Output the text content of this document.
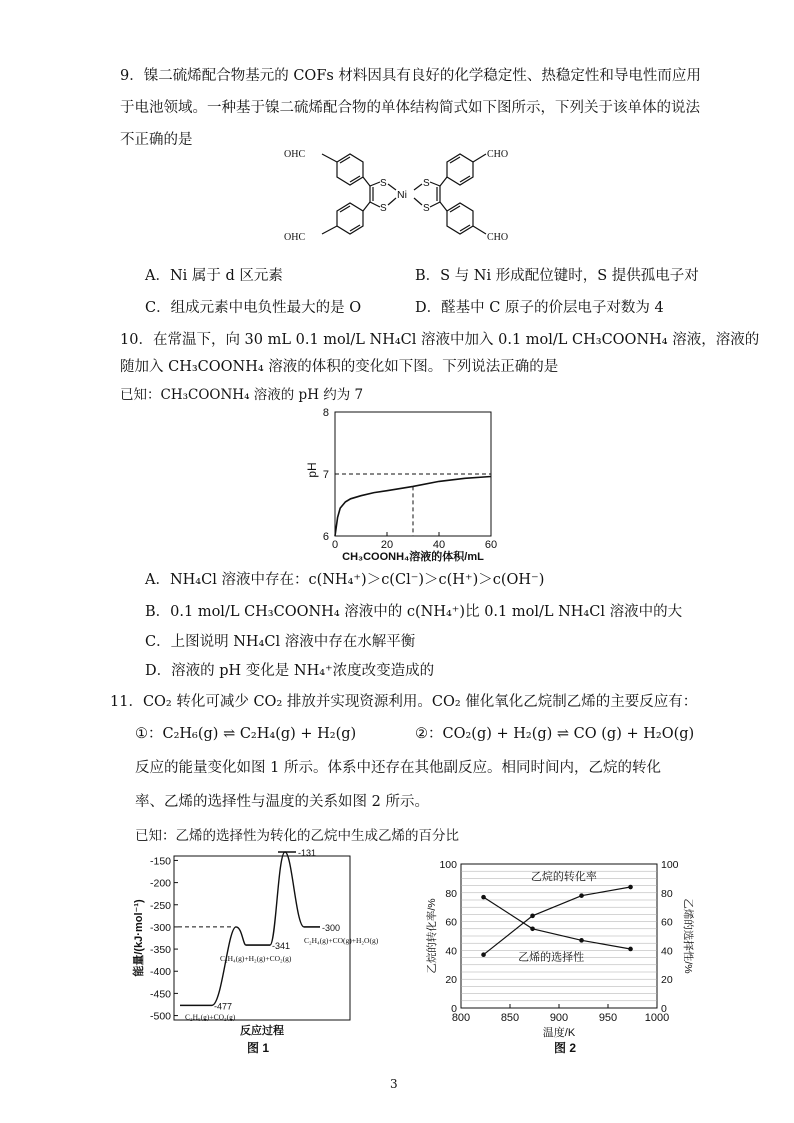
9．镍二硫烯配合物基元的 COFs 材料因具有良好的化学稳定性、热稳定性和导电性而应用
于电池领域。一种基于镍二硫烯配合物的单体结构简式如下图所示，下列关于该单体的说法
不正确的是
OHC	CHO
OHC	CHO
S
S
S
S
Ni
A．Ni 属于 d 区元素	B．S 与 Ni 形成配位键时，S 提供孤电子对
C．组成元素中电负性最大的是 O	D．醛基中 C 原子的价层电子对数为 4
10．在常温下，向 30 mL 0.1 mol/L NH₄Cl 溶液中加入 0.1 mol/L CH₃COONH₄ 溶液，溶液的
随加入 CH₃COONH₄ 溶液的体积的变化如下图。下列说法正确的是
已知：CH₃COONH₄ 溶液的 pH 约为 7
0	20	40	60
6
7
8
pH
CH₃COONH₄溶液的体积/mL
A．NH₄Cl 溶液中存在：c(NH₄⁺)＞c(Cl⁻)＞c(H⁺)＞c(OH⁻)
B．0.1 mol/L CH₃COONH₄ 溶液中的 c(NH₄⁺)比 0.1 mol/L NH₄Cl 溶液中的大
C．上图说明 NH₄Cl 溶液中存在水解平衡
D．溶液的 pH 变化是 NH₄⁺浓度改变造成的
11．CO₂ 转化可减少 CO₂ 排放并实现资源利用。CO₂ 催化氧化乙烷制乙烯的主要反应有：
①：C₂H₆(g) ⇌ C₂H₄(g) + H₂(g)	②：CO₂(g) + H₂(g) ⇌ CO (g) + H₂O(g)
反应的能量变化如图 1 所示。体系中还存在其他副反应。相同时间内，乙烷的转化
率、乙烯的选择性与温度的关系如图 2 所示。
已知：乙烯的选择性为转化的乙烷中生成乙烯的百分比
-150
-200
-250
-300
-350
-400
-450
-500
-477
C₂H₆(g)+CO₂(g)
-341
C₂H₄(g)+H₂(g)+CO₂(g)
-131
-300
C₂H₄(g)+CO(g)+H₂O(g)
能量/(kJ·mol⁻¹)
反应过程
图 1
800	850	900	950	1000
0	0
20	20
40	40
60	60
80	80
100	100
乙烷的转化率
乙烯的选择性
乙烷的转化率/%	乙烯的选择性/%
温度/K
图 2
3
